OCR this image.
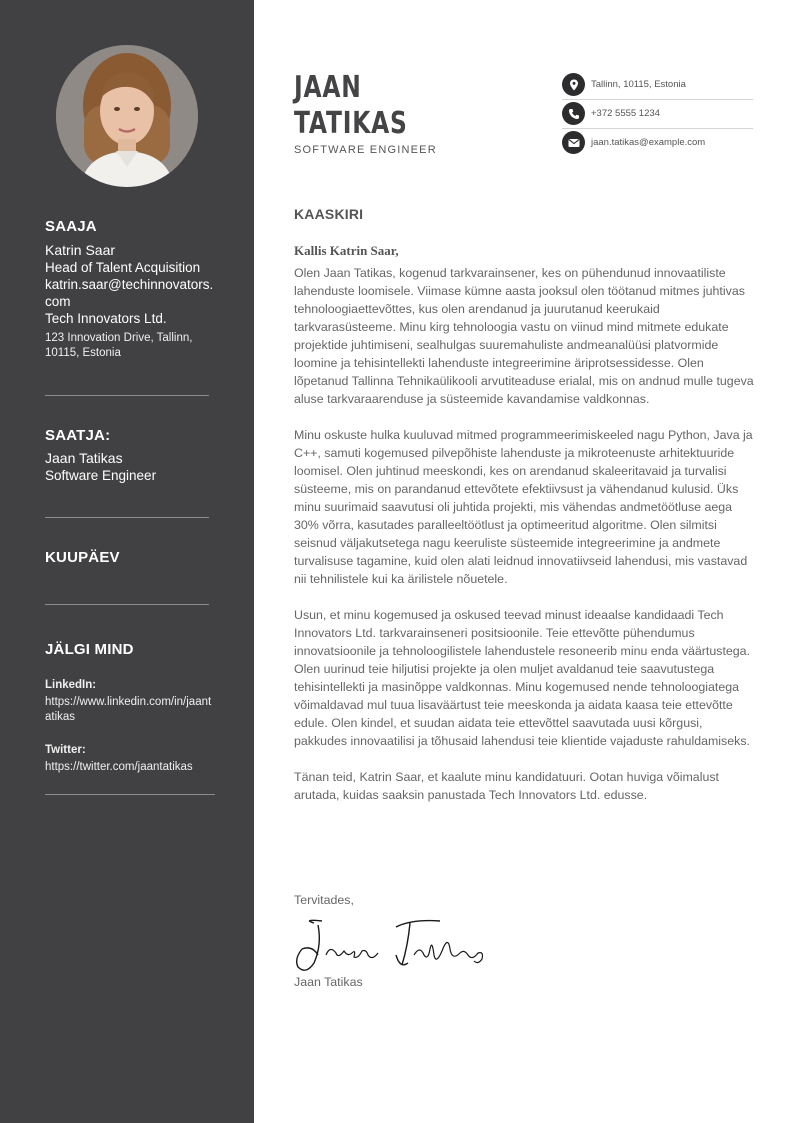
SAAJA
Katrin Saar
Head of Talent Acquisition
katrin.saar@techinnovators.com
Tech Innovators Ltd.
123 Innovation Drive, Tallinn, 10115, Estonia
SAATJA:
Jaan Tatikas
Software Engineer
KUUPÄEV
JÄLGI MIND
LinkedIn:
https://www.linkedin.com/in/jaantatikas
Twitter:
https://twitter.com/jaantatikas
JAAN
TATIKAS
SOFTWARE ENGINEER
Tallinn, 10115, Estonia
+372 5555 1234
jaan.tatikas@example.com
KAASKIRI
Kallis Katrin Saar,

Olen Jaan Tatikas, kogenud tarkvarainsener, kes on pühendunud innovaatiliste lahenduste loomisele. Viimase kümne aasta jooksul olen töötanud mitmes juhtivas tehnoloogiaettevõttes, kus olen arendanud ja juurutanud keerukaid tarkvarasüsteeme. Minu kirg tehnoloogia vastu on viinud mind mitmete edukate projektide juhtimiseni, sealhulgas suuremahuliste andmeanalüüsi platvormide loomine ja tehisintellekti lahenduste integreerimine äriprotsessidesse. Olen lõpetanud Tallinna Tehnikaülikooli arvutiteaduse erialal, mis on andnud mulle tugeva aluse tarkvaraarenduse ja süsteemide kavandamise valdkonnas.

Minu oskuste hulka kuuluvad mitmed programmeerimiskeeled nagu Python, Java ja C++, samuti kogemused pilvepõhiste lahenduste ja mikroteenuste arhitektuuride loomisel. Olen juhtinud meeskondi, kes on arendanud skaleeritavaid ja turvalisi süsteeme, mis on parandanud ettevõtete efektiivsust ja vähendanud kulusid. Üks minu suurimaid saavutusi oli juhtida projekti, mis vähendas andmetöötluse aega 30% võrra, kasutades paralleeltöötlust ja optimeeritud algoritme. Olen silmitsi seisnud väljakutsetega nagu keeruliste süsteemide integreerimine ja andmete turvalisuse tagamine, kuid olen alati leidnud innovatiivseid lahendusi, mis vastavad nii tehnilistele kui ka ärilistele nõuetele.

Usun, et minu kogemused ja oskused teevad minust ideaalse kandidaadi Tech Innovators Ltd. tarkvarainseneri positsioonile. Teie ettevõtte pühendumus innovatsioonile ja tehnoloogilistele lahendustele resoneerib minu enda väärtustega. Olen uurinud teie hiljutisi projekte ja olen muljet avaldanud teie saavutustega tehisintellekti ja masinõppe valdkonnas. Minu kogemused nende tehnoloogiatega võimaldavad mul tuua lisaväärtust teie meeskonda ja aidata kaasa teie ettevõtte edule. Olen kindel, et suudan aidata teie ettevõttel saavutada uusi kõrgusi, pakkudes innovaatilisi ja tõhusaid lahendusi teie klientide vajaduste rahuldamiseks.

Tänan teid, Katrin Saar, et kaalute minu kandidatuuri. Ootan huviga võimalust arutada, kuidas saaksin panustada Tech Innovators Ltd. edusse.

Tervitades,
Jaan Tatikas
